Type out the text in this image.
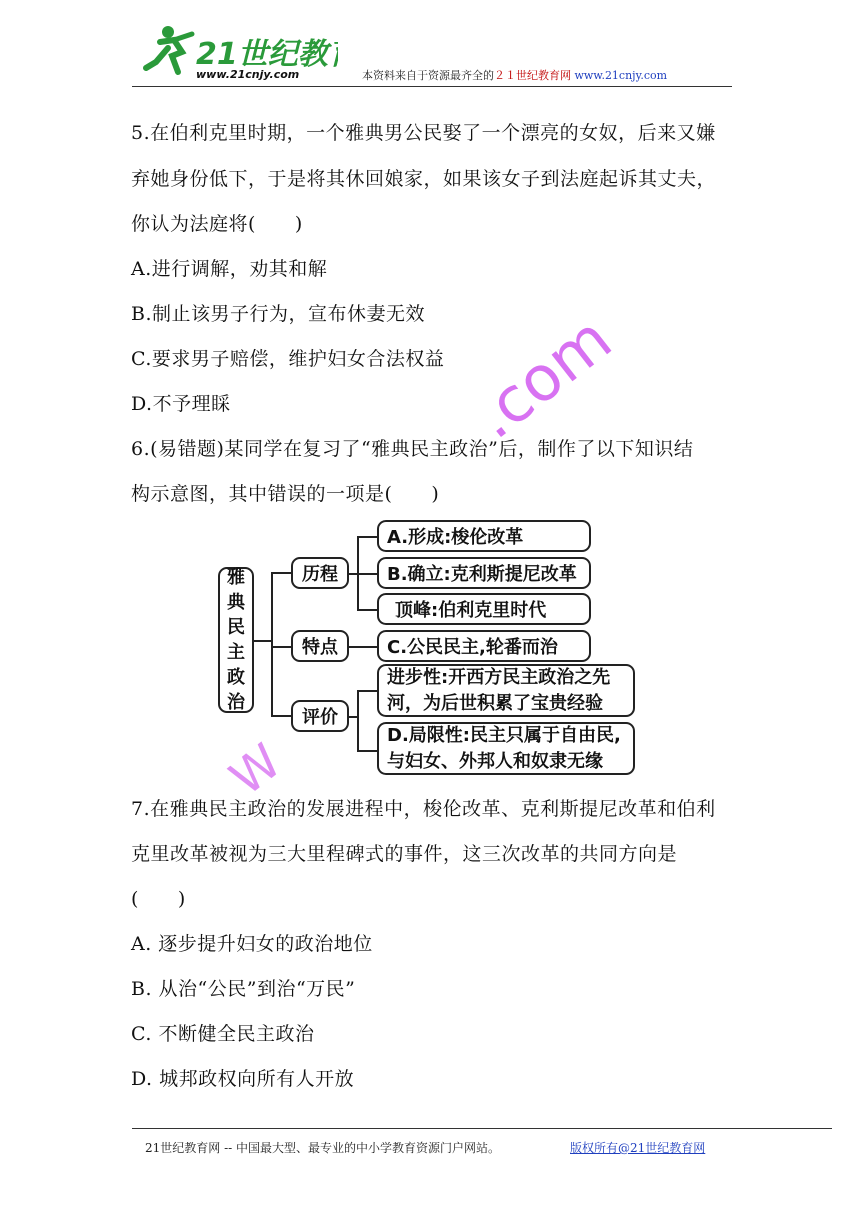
21世纪教
www.21cnjy.com	本资料来自于资源最齐全的２１世纪教育网 www.21cnjy.com
.com
W
5.在伯利克里时期，一个雅典男公民娶了一个漂亮的女奴，后来又嫌
弃她身份低下，于是将其休回娘家，如果该女子到法庭起诉其丈夫，
你认为法庭将(　　)
A.进行调解，劝其和解
B.制止该男子行为，宣布休妻无效
C.要求男子赔偿，维护妇女合法权益
D.不予理睬
6.(易错题)某同学在复习了“雅典民主政治”后，制作了以下知识结
构示意图，其中错误的一项是(　　)
雅
典
民
主
政
治
历程
特点
评价
A.形成:梭伦改革
B.确立:克利斯提尼改革
顶峰:伯利克里时代
C.公民民主,轮番而治
进步性:开西方民主政治之先
河，为后世积累了宝贵经验
D.局限性:民主只属于自由民,
与妇女、外邦人和奴隶无缘
7.在雅典民主政治的发展进程中，梭伦改革、克利斯提尼改革和伯利
克里改革被视为三大里程碑式的事件，这三次改革的共同方向是
(　　)
A. 逐步提升妇女的政治地位
B. 从治“公民”到治“万民”
C. 不断健全民主政治
D. 城邦政权向所有人开放
21世纪教育网 -- 中国最大型、最专业的中小学教育资源门户网站。	版权所有@21世纪教育网
